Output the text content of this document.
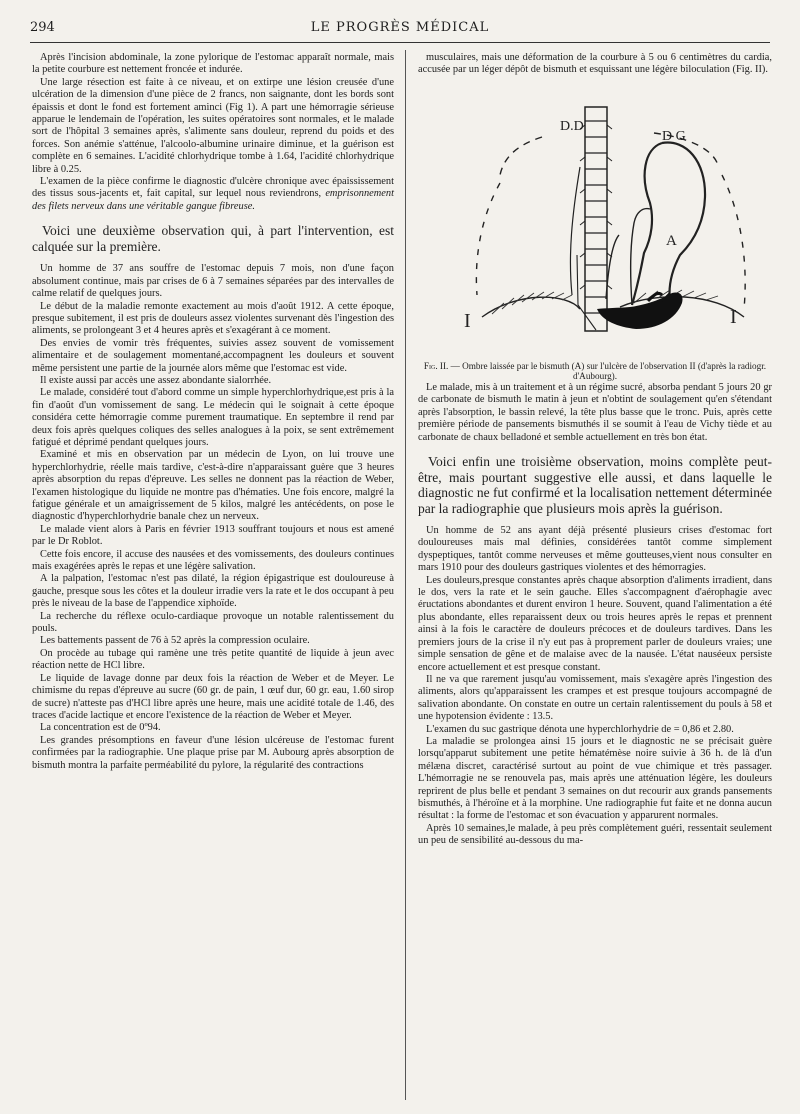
294	LE PROGRÈS MÉDICAL

Après l'incision abdominale, la zone pylorique de l'estomac apparaît normale, mais la petite courbure est nettement froncée et indurée.

Une large résection est faite à ce niveau, et on extirpe une lésion creusée d'une ulcération de la dimension d'une pièce de 2 francs, non saignante, dont les bords sont épaissis et dont le fond est fortement aminci (Fig 1). A part une hémorragie sérieuse apparue le lendemain de l'opération, les suites opératoires sont normales, et le malade sort de l'hôpital 3 semaines après, s'alimente sans douleur, reprend du poids et des forces. Son anémie s'atténue, l'alcoolo-albumine urinaire diminue, et la guérison est complète en 6 semaines. L'acidité chlorhydrique tombe à 1.64, l'acidité chlorhydrique libre à 0.25.

L'examen de la pièce confirme le diagnostic d'ulcère chronique avec épaississement des tissus sous-jacents et, fait capital, sur lequel nous reviendrons, emprisonnement des filets nerveux dans une véritable gangue fibreuse.

Voici une deuxième observation qui, à part l'intervention, est calquée sur la première.

Un homme de 37 ans souffre de l'estomac depuis 7 mois, non d'une façon absolument continue, mais par crises de 6 à 7 semaines séparées par des intervalles de calme relatif de quelques jours.

Le début de la maladie remonte exactement au mois d'août 1912. A cette époque, presque subitement, il est pris de douleurs assez violentes survenant dès l'ingestion des aliments, se prolongeant 3 et 4 heures après et s'exagérant à ce moment.

Des envies de vomir très fréquentes, suivies assez souvent de vomissement alimentaire et de soulagement momentané,accompagnent les douleurs et souvent même persistent une partie de la journée alors même que l'estomac est vide.

Il existe aussi par accès une assez abondante sialorrhée.

Le malade, considéré tout d'abord comme un simple hyperchlorhydrique,est pris à la fin d'août d'un vomissement de sang. Le médecin qui le soignait à cette époque considéra cette hémorragie comme purement traumatique. En septembre il rend par deux fois après quelques coliques des selles analogues à la poix, se sent extrêmement fatigué et déprimé pendant quelques jours.

Examiné et mis en observation par un médecin de Lyon, on lui trouve une hyperchlorhydrie, réelle mais tardive, c'est-à-dire n'apparaissant guère que 3 heures après absorption du repas d'épreuve. Les selles ne donnent pas la réaction de Weber, l'examen histologique du liquide ne montre pas d'hématies. Une fois encore, malgré la fatigue générale et un amaigrissement de 5 kilos, malgré les antécédents, on pose le diagnostic d'hyperchlorhydrie banale chez un nerveux.

Le malade vient alors à Paris en février 1913 souffrant toujours et nous est amené par le Dr Roblot.

Cette fois encore, il accuse des nausées et des vomissements, des douleurs continues mais exagérées après le repas et une légère salivation.

A la palpation, l'estomac n'est pas dilaté, la région épigastrique est douloureuse à gauche, presque sous les côtes et la douleur irradie vers la rate et le dos occupant à peu près le niveau de la base de l'appendice xiphoïde.

La recherche du réflexe oculo-cardiaque provoque un notable ralentissement du pouls.

Les battements passent de 76 à 52 après la compression oculaire.

On procède au tubage qui ramène une très petite quantité de liquide à jeun avec réaction nette de HCl libre.

Le liquide de lavage donne par deux fois la réaction de Weber et de Meyer. Le chimisme du repas d'épreuve au sucre (60 gr. de pain, 1 œuf dur, 60 gr. eau, 1.60 sirop de sucre) n'atteste pas d'HCl libre après une heure, mais une acidité totale de 1.46, des traces d'acide lactique et encore l'existence de la réaction de Weber et Meyer.

La concentration est de 0º94.

Les grandes présomptions en faveur d'une lésion ulcéreuse de l'estomac furent confirmées par la radiographie. Une plaque prise par M. Aubourg après absorption de bismuth montra la parfaite perméabilité du pylore, la régularité des contractions

musculaires, mais une déformation de la courbure à 5 ou 6 centimètres du cardia, accusée par un léger dépôt de bismuth et esquissant une légère biloculation (Fig. II).

D.D
D G
A
I	I

Fig. II. — Ombre laissée par le bismuth (A) sur l'ulcère de l'observation II (d'après la radiogr. d'Aubourg).

Le malade, mis à un traitement et à un régime sucré, absorba pendant 5 jours 20 gr de carbonate de bismuth le matin à jeun et n'obtint de soulagement qu'en s'étendant après l'absorption, le bassin relevé, la tête plus basse que le tronc. Puis, après cette première période de pansements bismuthés il se soumit à l'eau de Vichy tiède et au carbonate de chaux belladoné et semble actuellement en très bon état.

Voici enfin une troisième observation, moins complète peut-être, mais pourtant suggestive elle aussi, et dans laquelle le diagnostic ne fut confirmé et la localisation nettement déterminée par la radiographie que plusieurs mois après la guérison.

Un homme de 52 ans ayant déjà présenté plusieurs crises d'estomac fort douloureuses mais mal définies, considérées tantôt comme simplement dyspeptiques, tantôt comme nerveuses et même goutteuses,vient nous consulter en mars 1910 pour des douleurs gastriques violentes et des hémorragies.

Les douleurs,presque constantes après chaque absorption d'aliments irradient, dans le dos, vers la rate et le sein gauche. Elles s'accompagnent d'aérophagie avec éructations abondantes et durent environ 1 heure. Souvent, quand l'alimentation a été plus abondante, elles reparaissent deux ou trois heures après le repas et prennent ainsi à la fois le caractère de douleurs précoces et de douleurs tardives. Dans les premiers jours de la crise il n'y eut pas à proprement parler de douleurs vraies; une simple sensation de gêne et de malaise avec de la nausée. L'état nauséeux persiste encore actuellement et est presque constant.

Il ne va que rarement jusqu'au vomissement, mais s'exagère après l'ingestion des aliments, alors qu'apparaissent les crampes et est presque toujours accompagné de salivation abondante. On constate en outre un certain ralentissement du pouls à 58 et une hypotension évidente : 13.5.

L'examen du suc gastrique dénota une hyperchlorhydrie de = 0,86 et 2.80.

La maladie se prolongea ainsi 15 jours et le diagnostic ne se précisait guère lorsqu'apparut subitement une petite hématémèse noire suivie à 36 h. de là d'un mélæna discret, caractérisé surtout au point de vue chimique et très passager. L'hémorragie ne se renouvela pas, mais après une atténuation légère, les douleurs reprirent de plus belle et pendant 3 semaines on dut recourir aux grands pansements bismuthés, à l'héroïne et à la morphine. Une radiographie fut faite et ne donna aucun résultat : la forme de l'estomac et son évacuation y apparurent normales.

Après 10 semaines,le malade, à peu près complètement guéri, ressentait seulement un peu de sensibilité au-dessous du ma-
